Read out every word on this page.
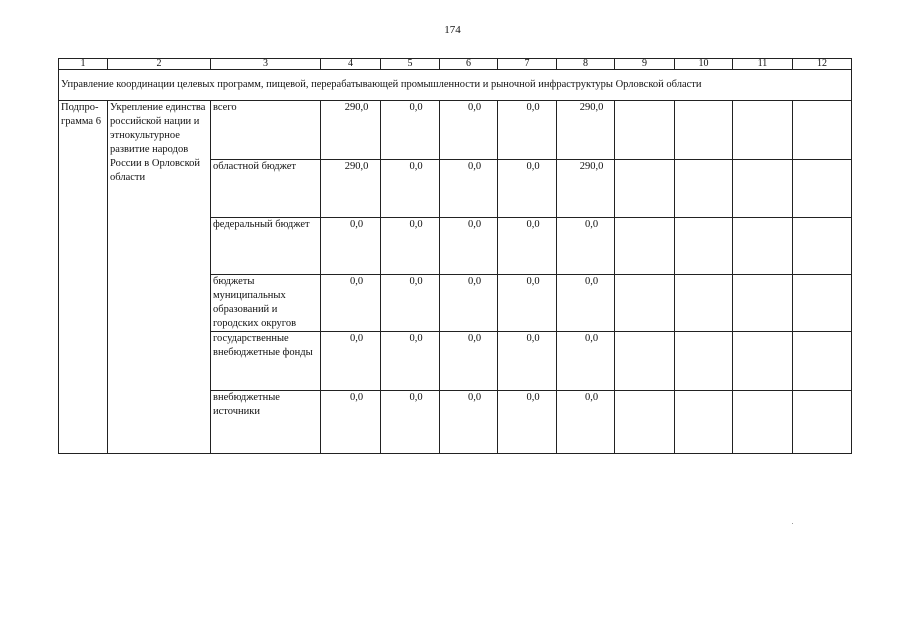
174
1	2	3	4	5	6	7	8	9	10	11	12
Управление координации целевых программ, пищевой, перерабатывающей промышленности и рыночной инфраструктуры Орловской области											
Подпро-грамма 6	Укрепление единства российской нации и этнокультурное развитие народов России в Орловской области	всего	290,0	0,0	0,0	0,0	290,0				
		областной бюджет	290,0	0,0	0,0	0,0	290,0				
		федеральный бюджет	0,0	0,0	0,0	0,0	0,0				
		бюджеты муниципальных образований и городских округов	0,0	0,0	0,0	0,0	0,0				
		государственные внебюджетные фонды	0,0	0,0	0,0	0,0	0,0				
		внебюджетные источники	0,0	0,0	0,0	0,0	0,0				
